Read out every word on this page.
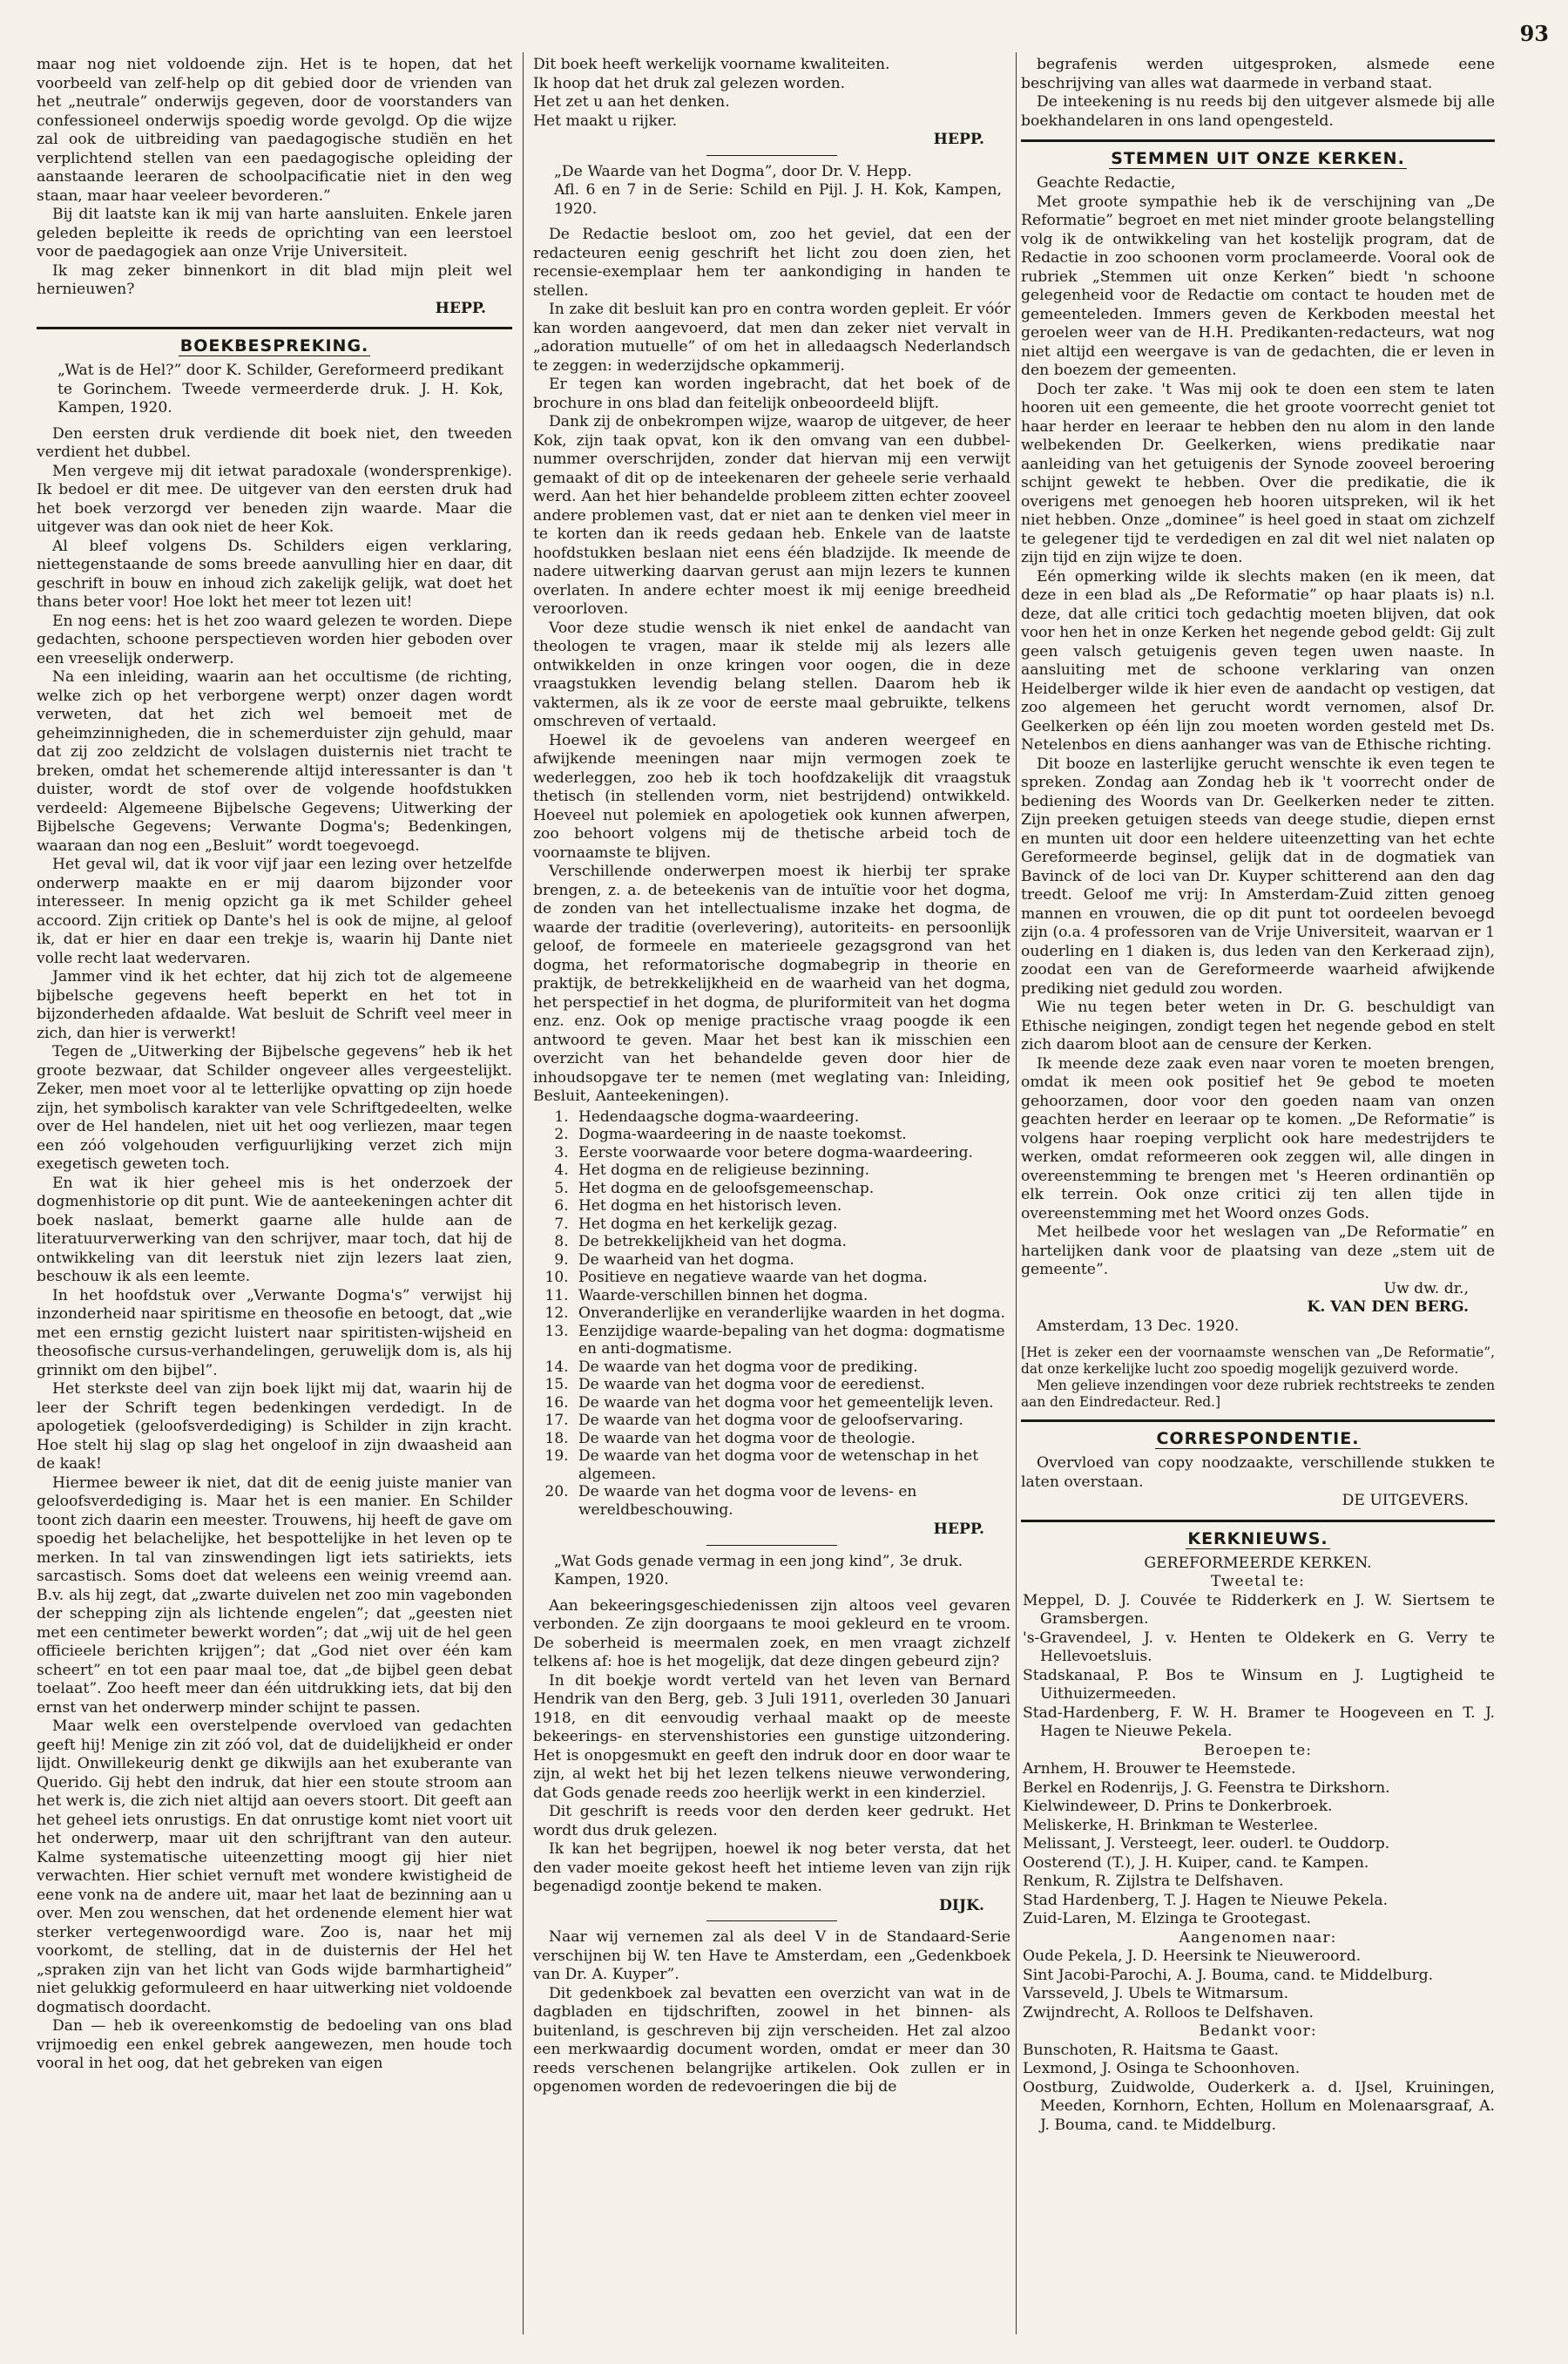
93

maar nog niet voldoende zijn. Het is te hopen, dat het voorbeeld van zelf-help op dit gebied door de vrienden van het „neutrale” onderwijs gegeven, door de voorstanders van confessioneel onderwijs spoedig worde gevolgd. Op die wijze zal ook de uitbreiding van paedagogische studiën en het verplichtend stellen van een paedagogische opleiding der aanstaande leeraren de schoolpacificatie niet in den weg staan, maar haar veeleer bevorderen.”

Bij dit laatste kan ik mij van harte aansluiten. Enkele jaren geleden bepleitte ik reeds de oprichting van een leerstoel voor de paedagogiek aan onze Vrije Universiteit.

Ik mag zeker binnenkort in dit blad mijn pleit wel hernieuwen?

HEPP.

BOEKBESPREKING.

„Wat is de Hel?” door K. Schilder, Gereformeerd predikant te Gorinchem. Tweede vermeerderde druk. J. H. Kok, Kampen, 1920.

Den eersten druk verdiende dit boek niet, den tweeden verdient het dubbel.

Men vergeve mij dit ietwat paradoxale (wondersprenkige). Ik bedoel er dit mee. De uitgever van den eersten druk had het boek verzorgd ver beneden zijn waarde. Maar die uitgever was dan ook niet de heer Kok.

Al bleef volgens Ds. Schilders eigen verklaring, niettegenstaande de soms breede aanvulling hier en daar, dit geschrift in bouw en inhoud zich zakelijk gelijk, wat doet het thans beter voor! Hoe lokt het meer tot lezen uit!

En nog eens: het is het zoo waard gelezen te worden. Diepe gedachten, schoone perspectieven worden hier geboden over een vreeselijk onderwerp.

Na een inleiding, waarin aan het occultisme (de richting, welke zich op het verborgene werpt) onzer dagen wordt verweten, dat het zich wel bemoeit met de geheimzinnigheden, die in schemerduister zijn gehuld, maar dat zij zoo zeldzicht de volslagen duisternis niet tracht te breken, omdat het schemerende altijd interessanter is dan 't duister, wordt de stof over de volgende hoofdstukken verdeeld: Algemeene Bijbelsche Gegevens; Uitwerking der Bijbelsche Gegevens; Verwante Dogma's; Bedenkingen, waaraan dan nog een „Besluit” wordt toegevoegd.

Het geval wil, dat ik voor vijf jaar een lezing over hetzelfde onderwerp maakte en er mij daarom bijzonder voor interesseer. In menig opzicht ga ik met Schilder geheel accoord. Zijn critiek op Dante's hel is ook de mijne, al geloof ik, dat er hier en daar een trekje is, waarin hij Dante niet volle recht laat wedervaren.

Jammer vind ik het echter, dat hij zich tot de algemeene bijbelsche gegevens heeft beperkt en het tot in bijzonderheden afdaalde. Wat besluit de Schrift veel meer in zich, dan hier is verwerkt!

Tegen de „Uitwerking der Bijbelsche gegevens” heb ik het groote bezwaar, dat Schilder ongeveer alles vergeestelijkt. Zeker, men moet voor al te letterlijke opvatting op zijn hoede zijn, het symbolisch karakter van vele Schriftgedeelten, welke over de Hel handelen, niet uit het oog verliezen, maar tegen een zóó volgehouden verfiguurlijking verzet zich mijn exegetisch geweten toch.

En wat ik hier geheel mis is het onderzoek der dogmenhistorie op dit punt. Wie de aanteekeningen achter dit boek naslaat, bemerkt gaarne alle hulde aan de literatuurverwerking van den schrijver, maar toch, dat hij de ontwikkeling van dit leerstuk niet zijn lezers laat zien, beschouw ik als een leemte.

In het hoofdstuk over „Verwante Dogma's” verwijst hij inzonderheid naar spiritisme en theosofie en betoogt, dat „wie met een ernstig gezicht luistert naar spiritisten-wijsheid en theosofische cursus-verhandelingen, geruwelijk dom is, als hij grinnikt om den bijbel”.

Het sterkste deel van zijn boek lijkt mij dat, waarin hij de leer der Schrift tegen bedenkingen verdedigt. In de apologetiek (geloofsverdediging) is Schilder in zijn kracht. Hoe stelt hij slag op slag het ongeloof in zijn dwaasheid aan de kaak!

Hiermee beweer ik niet, dat dit de eenig juiste manier van geloofsverdediging is. Maar het is een manier. En Schilder toont zich daarin een meester. Trouwens, hij heeft de gave om spoedig het belachelijke, het bespottelijke in het leven op te merken. In tal van zinswendingen ligt iets satiriekts, iets sarcastisch. Soms doet dat weleens een weinig vreemd aan. B.v. als hij zegt, dat „zwarte duivelen net zoo min vagebonden der schepping zijn als lichtende engelen”; dat „geesten niet met een centimeter bewerkt worden”; dat „wij uit de hel geen officieele berichten krijgen”; dat „God niet over één kam scheert” en tot een paar maal toe, dat „de bijbel geen debat toelaat”. Zoo heeft meer dan één uitdrukking iets, dat bij den ernst van het onderwerp minder schijnt te passen.

Maar welk een overstelpende overvloed van gedachten geeft hij! Menige zin zit zóó vol, dat de duidelijkheid er onder lijdt. Onwillekeurig denkt ge dikwijls aan het exuberante van Querido. Gij hebt den indruk, dat hier een stoute stroom aan het werk is, die zich niet altijd aan oevers stoort. Dit geeft aan het geheel iets onrustigs. En dat onrustige komt niet voort uit het onderwerp, maar uit den schrijftrant van den auteur. Kalme systematische uiteenzetting moogt gij hier niet verwachten. Hier schiet vernuft met wondere kwistigheid de eene vonk na de andere uit, maar het laat de bezinning aan u over. Men zou wenschen, dat het ordenende element hier wat sterker vertegenwoordigd ware. Zoo is, naar het mij voorkomt, de stelling, dat in de duisternis der Hel het „spraken zijn van het licht van Gods wijde barmhartigheid” niet gelukkig geformuleerd en haar uitwerking niet voldoende dogmatisch doordacht.

Dan — heb ik overeenkomstig de bedoeling van ons blad vrijmoedig een enkel gebrek aangewezen, men houde toch vooral in het oog, dat het gebreken van eigen

Dit boek heeft werkelijk voorname kwaliteiten.

Ik hoop dat het druk zal gelezen worden.

Het zet u aan het denken.

Het maakt u rijker.

HEPP.

„De Waarde van het Dogma”, door Dr. V. Hepp.

Afl. 6 en 7 in de Serie: Schild en Pijl. J. H. Kok, Kampen, 1920.

De Redactie besloot om, zoo het geviel, dat een der redacteuren eenig geschrift het licht zou doen zien, het recensie-exemplaar hem ter aankondiging in handen te stellen.

In zake dit besluit kan pro en contra worden gepleit. Er vóór kan worden aangevoerd, dat men dan zeker niet vervalt in „adoration mutuelle” of om het in alledaagsch Nederlandsch te zeggen: in wederzijdsche opkammerij.

Er tegen kan worden ingebracht, dat het boek of de brochure in ons blad dan feitelijk onbeoordeeld blijft.

Dank zij de onbekrompen wijze, waarop de uitgever, de heer Kok, zijn taak opvat, kon ik den omvang van een dubbel-nummer overschrijden, zonder dat hiervan mij een verwijt gemaakt of dit op de inteekenaren der geheele serie verhaald werd. Aan het hier behandelde probleem zitten echter zooveel andere problemen vast, dat er niet aan te denken viel meer in te korten dan ik reeds gedaan heb. Enkele van de laatste hoofdstukken beslaan niet eens één bladzijde. Ik meende de nadere uitwerking daarvan gerust aan mijn lezers te kunnen overlaten. In andere echter moest ik mij eenige breedheid veroorloven.

Voor deze studie wensch ik niet enkel de aandacht van theologen te vragen, maar ik stelde mij als lezers alle ontwikkelden in onze kringen voor oogen, die in deze vraagstukken levendig belang stellen. Daarom heb ik vaktermen, als ik ze voor de eerste maal gebruikte, telkens omschreven of vertaald.

Hoewel ik de gevoelens van anderen weergeef en afwijkende meeningen naar mijn vermogen zoek te wederleggen, zoo heb ik toch hoofdzakelijk dit vraagstuk thetisch (in stellenden vorm, niet bestrijdend) ontwikkeld. Hoeveel nut polemiek en apologetiek ook kunnen afwerpen, zoo behoort volgens mij de thetische arbeid toch de voornaamste te blijven.

Verschillende onderwerpen moest ik hierbij ter sprake brengen, z. a. de beteekenis van de intuïtie voor het dogma, de zonden van het intellectualisme inzake het dogma, de waarde der traditie (overlevering), autoriteits- en persoonlijk geloof, de formeele en materieele gezagsgrond van het dogma, het reformatorische dogmabegrip in theorie en praktijk, de betrekkelijkheid en de waarheid van het dogma, het perspectief in het dogma, de pluriformiteit van het dogma enz. enz. Ook op menige practische vraag poogde ik een antwoord te geven. Maar het best kan ik misschien een overzicht van het behandelde geven door hier de inhoudsopgave ter te nemen (met weglating van: Inleiding, Besluit, Aanteekeningen).

1. Hedendaagsche dogma-waardeering.
2. Dogma-waardeering in de naaste toekomst.
3. Eerste voorwaarde voor betere dogma-waardeering.
4. Het dogma en de religieuse bezinning.
5. Het dogma en de geloofsgemeenschap.
6. Het dogma en het historisch leven.
7. Het dogma en het kerkelijk gezag.
8. De betrekkelijkheid van het dogma.
9. De waarheid van het dogma.
10. Positieve en negatieve waarde van het dogma.
11. Waarde-verschillen binnen het dogma.
12. Onveranderlijke en veranderlijke waarden in het dogma.
13. Eenzijdige waarde-bepaling van het dogma: dogmatisme en anti-dogmatisme.
14. De waarde van het dogma voor de prediking.
15. De waarde van het dogma voor de eeredienst.
16. De waarde van het dogma voor het gemeentelijk leven.
17. De waarde van het dogma voor de geloofservaring.
18. De waarde van het dogma voor de theologie.
19. De waarde van het dogma voor de wetenschap in het algemeen.
20. De waarde van het dogma voor de levens- en wereldbeschouwing.

HEPP.

„Wat Gods genade vermag in een jong kind”, 3e druk.

Kampen, 1920.

Aan bekeeringsgeschiedenissen zijn altoos veel gevaren verbonden. Ze zijn doorgaans te mooi gekleurd en te vroom. De soberheid is meermalen zoek, en men vraagt zichzelf telkens af: hoe is het mogelijk, dat deze dingen gebeurd zijn?

In dit boekje wordt verteld van het leven van Bernard Hendrik van den Berg, geb. 3 Juli 1911, overleden 30 Januari 1918, en dit eenvoudig verhaal maakt op de meeste bekeerings- en stervenshistories een gunstige uitzondering. Het is onopgesmukt en geeft den indruk door en door waar te zijn, al wekt het bij het lezen telkens nieuwe verwondering, dat Gods genade reeds zoo heerlijk werkt in een kinderziel.

Dit geschrift is reeds voor den derden keer gedrukt. Het wordt dus druk gelezen.

Ik kan het begrijpen, hoewel ik nog beter versta, dat het den vader moeite gekost heeft het intieme leven van zijn rijk begenadigd zoontje bekend te maken.

DIJK.

Naar wij vernemen zal als deel V in de Standaard-Serie verschijnen bij W. ten Have te Amsterdam, een „Gedenkboek van Dr. A. Kuyper”.

Dit gedenkboek zal bevatten een overzicht van wat in de dagbladen en tijdschriften, zoowel in het binnen- als buitenland, is geschreven bij zijn verscheiden. Het zal alzoo een merkwaardig document worden, omdat er meer dan 30 reeds verschenen belangrijke artikelen. Ook zullen er in opgenomen worden de redevoeringen die bij de

begrafenis werden uitgesproken, alsmede eene beschrijving van alles wat daarmede in verband staat.

De inteekening is nu reeds bij den uitgever alsmede bij alle boekhandelaren in ons land opengesteld.

STEMMEN UIT ONZE KERKEN.

Geachte Redactie,

Met groote sympathie heb ik de verschijning van „De Reformatie” begroet en met niet minder groote belangstelling volg ik de ontwikkeling van het kostelijk program, dat de Redactie in zoo schoonen vorm proclameerde. Vooral ook de rubriek „Stemmen uit onze Kerken” biedt 'n schoone gelegenheid voor de Redactie om contact te houden met de gemeenteleden. Immers geven de Kerkboden meestal het geroelen weer van de H.H. Predikanten-redacteurs, wat nog niet altijd een weergave is van de gedachten, die er leven in den boezem der gemeenten.

Doch ter zake. 't Was mij ook te doen een stem te laten hooren uit een gemeente, die het groote voorrecht geniet tot haar herder en leeraar te hebben den nu alom in den lande welbekenden Dr. Geelkerken, wiens predikatie naar aanleiding van het getuigenis der Synode zooveel beroering schijnt gewekt te hebben. Over die predikatie, die ik overigens met genoegen heb hooren uitspreken, wil ik het niet hebben. Onze „dominee” is heel goed in staat om zichzelf te gelegener tijd te verdedigen en zal dit wel niet nalaten op zijn tijd en zijn wijze te doen.

Eén opmerking wilde ik slechts maken (en ik meen, dat deze in een blad als „De Reformatie” op haar plaats is) n.l. deze, dat alle critici toch gedachtig moeten blijven, dat ook voor hen het in onze Kerken het negende gebod geldt: Gij zult geen valsch getuigenis geven tegen uwen naaste. In aansluiting met de schoone verklaring van onzen Heidelberger wilde ik hier even de aandacht op vestigen, dat zoo algemeen het gerucht wordt vernomen, alsof Dr. Geelkerken op één lijn zou moeten worden gesteld met Ds. Netelenbos en diens aanhanger was van de Ethische richting.

Dit booze en lasterlijke gerucht wenschte ik even tegen te spreken. Zondag aan Zondag heb ik 't voorrecht onder de bediening des Woords van Dr. Geelkerken neder te zitten. Zijn preeken getuigen steeds van deege studie, diepen ernst en munten uit door een heldere uiteenzetting van het echte Gereformeerde beginsel, gelijk dat in de dogmatiek van Bavinck of de loci van Dr. Kuyper schitterend aan den dag treedt. Geloof me vrij: In Amsterdam-Zuid zitten genoeg mannen en vrouwen, die op dit punt tot oordeelen bevoegd zijn (o.a. 4 professoren van de Vrije Universiteit, waarvan er 1 ouderling en 1 diaken is, dus leden van den Kerkeraad zijn), zoodat een van de Gereformeerde waarheid afwijkende prediking niet geduld zou worden.

Wie nu tegen beter weten in Dr. G. beschuldigt van Ethische neigingen, zondigt tegen het negende gebod en stelt zich daarom bloot aan de censure der Kerken.

Ik meende deze zaak even naar voren te moeten brengen, omdat ik meen ook positief het 9e gebod te moeten gehoorzamen, door voor den goeden naam van onzen geachten herder en leeraar op te komen. „De Reformatie” is volgens haar roeping verplicht ook hare medestrijders te werken, omdat reformeeren ook zeggen wil, alle dingen in overeenstemming te brengen met 's Heeren ordinantiën op elk terrein. Ook onze critici zij ten allen tijde in overeenstemming met het Woord onzes Gods.

Met heilbede voor het weslagen van „De Reformatie” en hartelijken dank voor de plaatsing van deze „stem uit de gemeente”.

Uw dw. dr.,

K. VAN DEN BERG.

Amsterdam, 13 Dec. 1920.

[Het is zeker een der voornaamste wenschen van „De Reformatie”, dat onze kerkelijke lucht zoo spoedig mogelijk gezuiverd worde.

Men gelieve inzendingen voor deze rubriek rechtstreeks te zenden aan den Eindredacteur. Red.]

CORRESPONDENTIE.

Overvloed van copy noodzaakte, verschillende stukken te laten overstaan.

DE UITGEVERS.

KERKNIEUWS.

GEREFORMEERDE KERKEN.

Tweetal te:

Meppel, D. J. Couvée te Ridderkerk en J. W. Siertsem te Gramsbergen.

's-Gravendeel, J. v. Henten te Oldekerk en G. Verry te Hellevoetsluis.

Stadskanaal, P. Bos te Winsum en J. Lugtigheid te Uithuizermeeden.

Stad-Hardenberg, F. W. H. Bramer te Hoogeveen en T. J. Hagen te Nieuwe Pekela.

Beroepen te:

Arnhem, H. Brouwer te Heemstede.

Berkel en Rodenrijs, J. G. Feenstra te Dirkshorn.

Kielwindeweer, D. Prins te Donkerbroek.

Meliskerke, H. Brinkman te Westerlee.

Melissant, J. Versteegt, leer. ouderl. te Ouddorp.

Oosterend (T.), J. H. Kuiper, cand. te Kampen.

Renkum, R. Zijlstra te Delfshaven.

Stad Hardenberg, T. J. Hagen te Nieuwe Pekela.

Zuid-Laren, M. Elzinga te Grootegast.

Aangenomen naar:

Oude Pekela, J. D. Heersink te Nieuweroord.

Sint Jacobi-Parochi, A. J. Bouma, cand. te Middelburg.

Varsseveld, J. Ubels te Witmarsum.

Zwijndrecht, A. Rolloos te Delfshaven.

Bedankt voor:

Bunschoten, R. Haitsma te Gaast.

Lexmond, J. Osinga te Schoonhoven.

Oostburg, Zuidwolde, Ouderkerk a. d. IJsel, Kruiningen, Meeden, Kornhorn, Echten, Hollum en Molenaarsgraaf, A. J. Bouma, cand. te Middelburg.
